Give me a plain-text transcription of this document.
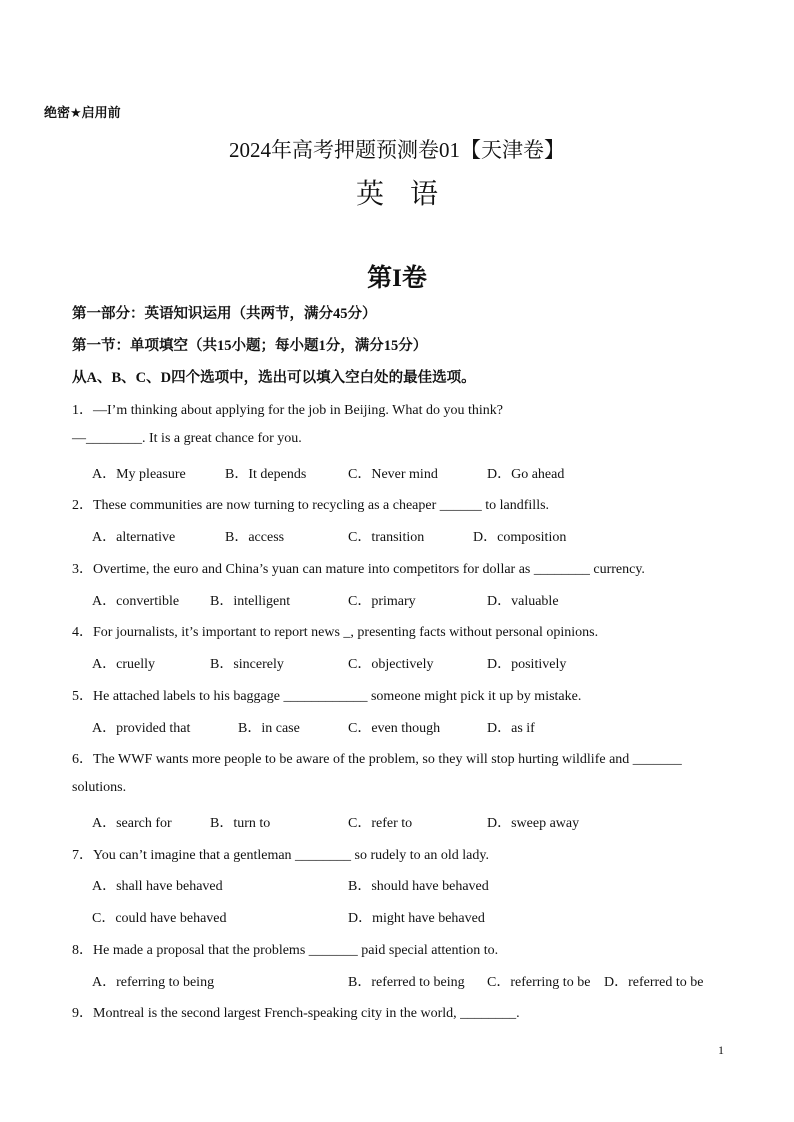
绝密★启用前
2024年高考押题预测卷01【天津卷】
英语
第I卷
第一部分：英语知识运用（共两节，满分45分）
第一节：单项填空（共15小题；每小题1分，满分15分）
从A、B、C、D四个选项中，选出可以填入空白处的最佳选项。
1．—I’m thinking about applying for the job in Beijing. What do you think?
—________. It is a great chance for you.
A．My pleasure	B．It depends	C．Never mind	D．Go ahead
2．These communities are now turning to recycling as a cheaper ______ to landfills.
A．alternative	B．access	C．transition	D．composition
3．Overtime, the euro and China’s yuan can mature into competitors for dollar as ________ currency.
A．convertible B．intelligent	C．primary	D．valuable
4．For journalists, it’s important to report news _, presenting facts without personal opinions.
A．cruelly	B．sincerely	C．objectively	D．positively
5．He attached labels to his baggage ____________ someone might pick it up by mistake.
A．provided that	B．in case	C．even though	D．as if
6．The WWF wants more people to be aware of the problem, so they will stop hurting wildlife and _______
solutions.
A．search for	B．turn to	C．refer to	D．sweep away
7．You can’t imagine that a gentleman ________ so rudely to an old lady.
A．shall have behaved	B．should have behaved
C．could have behaved	D．might have behaved
8．He made a proposal that the problems _______ paid special attention to.
A．referring to being	B．referred to being C．referring to be D．referred to be
9．Montreal is the second largest French-speaking city in the world, ________.
1
